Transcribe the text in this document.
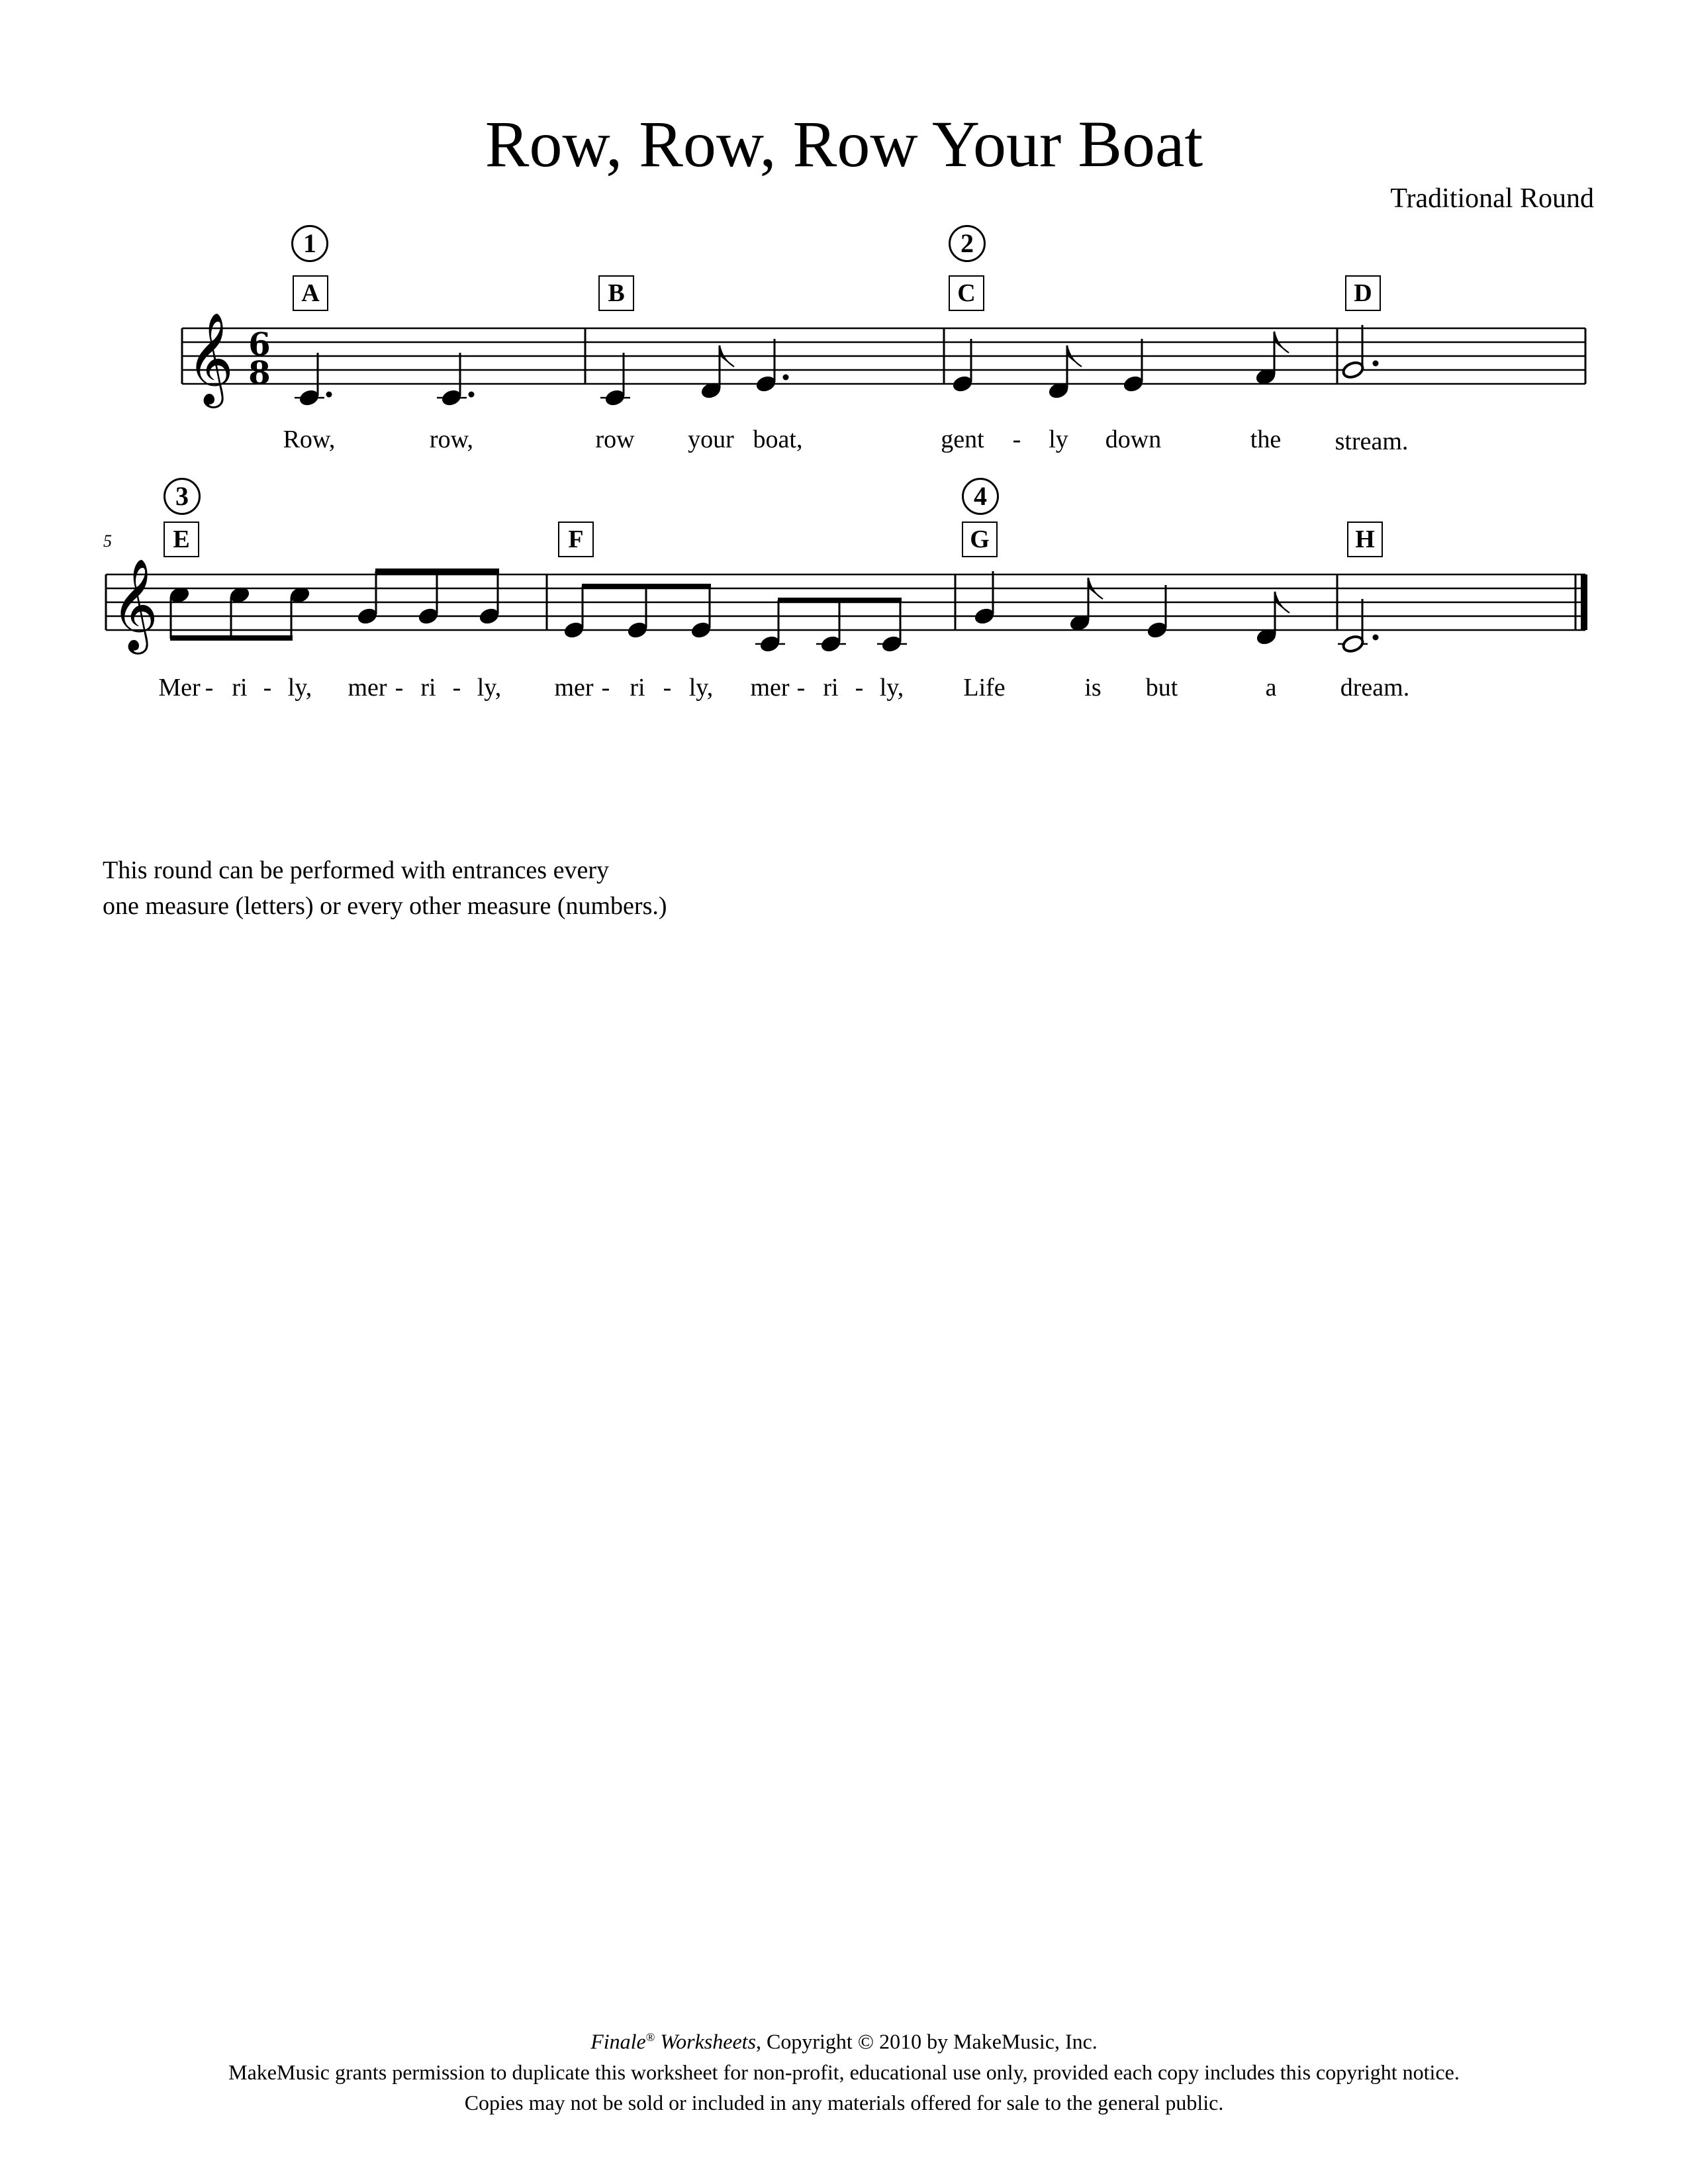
Row, Row, Row Your Boat
Traditional Round
1	2
3	4
A	B	C	D
E	F	G	H
5
𝄞 6
8
𝄞
Row,	row,	row your boat,	gent - ly down	the stream.
Mer - ri - ly, mer - ri - ly, mer - ri - ly, mer - ri - ly, Life	is but	a	dream.
This round can be performed with entrances every
one measure (letters) or every other measure (numbers.)
Finale® Worksheets, Copyright © 2010 by MakeMusic, Inc.
MakeMusic grants permission to duplicate this worksheet for non-profit, educational use only, provided each copy includes this copyright notice.
Copies may not be sold or included in any materials offered for sale to the general public.
